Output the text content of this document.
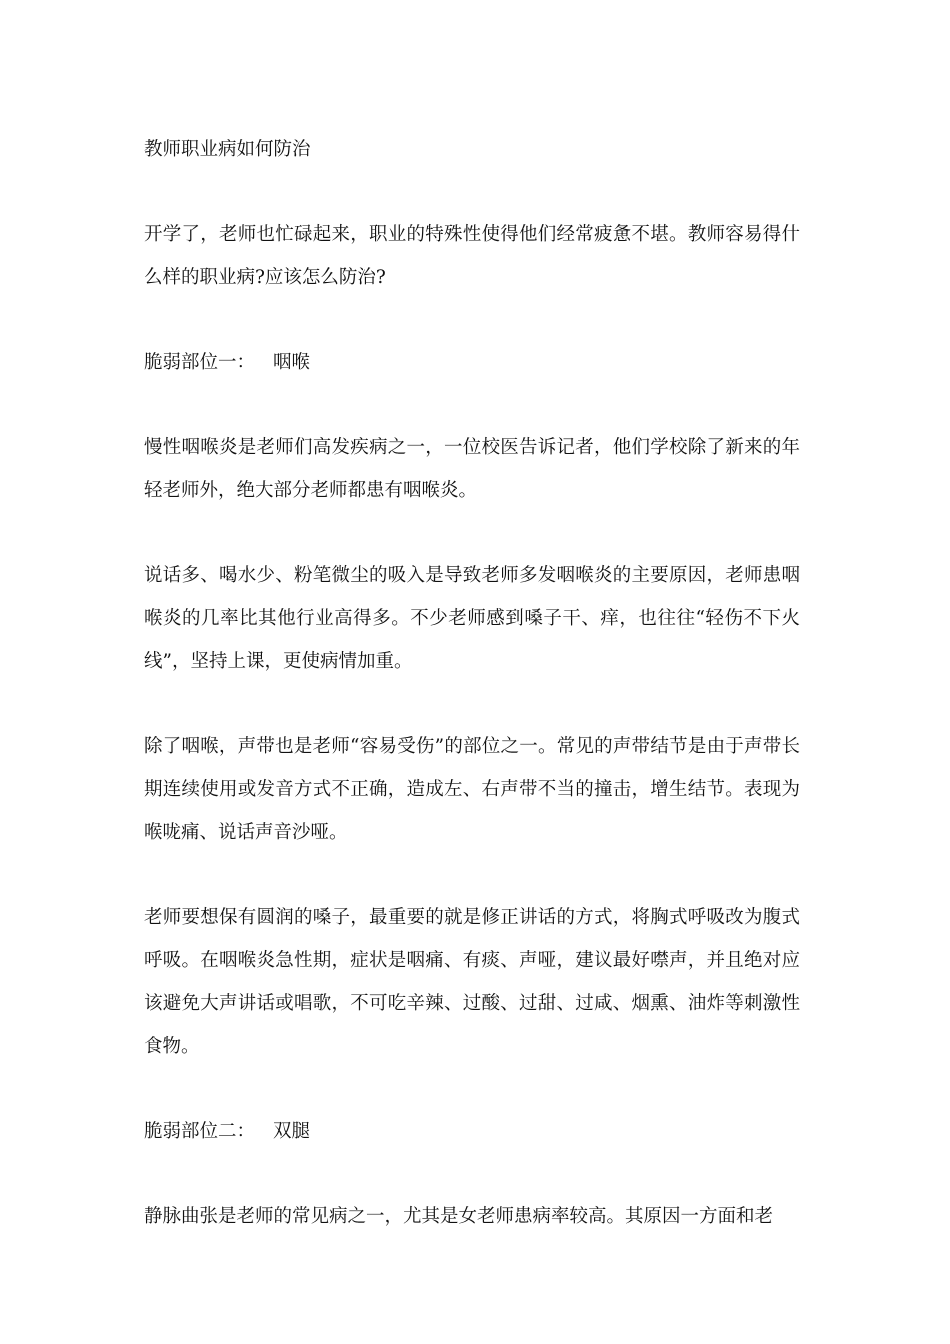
教师职业病如何防治
开学了，老师也忙碌起来，职业的特殊性使得他们经常疲惫不堪。教师容易得什么样的职业病?应该怎么防治?
脆弱部位一： 咽喉
慢性咽喉炎是老师们高发疾病之一，一位校医告诉记者，他们学校除了新来的年轻老师外，绝大部分老师都患有咽喉炎。
说话多、喝水少、粉笔微尘的吸入是导致老师多发咽喉炎的主要原因，老师患咽喉炎的几率比其他行业高得多。不少老师感到嗓子干、痒，也往往“轻伤不下火线”，坚持上课，更使病情加重。
除了咽喉，声带也是老师“容易受伤”的部位之一。常见的声带结节是由于声带长期连续使用或发音方式不正确，造成左、右声带不当的撞击，增生结节。表现为喉咙痛、说话声音沙哑。
老师要想保有圆润的嗓子，最重要的就是修正讲话的方式，将胸式呼吸改为腹式呼吸。在咽喉炎急性期，症状是咽痛、有痰、声哑，建议最好噤声，并且绝对应该避免大声讲话或唱歌，不可吃辛辣、过酸、过甜、过咸、烟熏、油炸等刺激性食物。
脆弱部位二： 双腿
静脉曲张是老师的常见病之一，尤其是女老师患病率较高。其原因一方面和老
